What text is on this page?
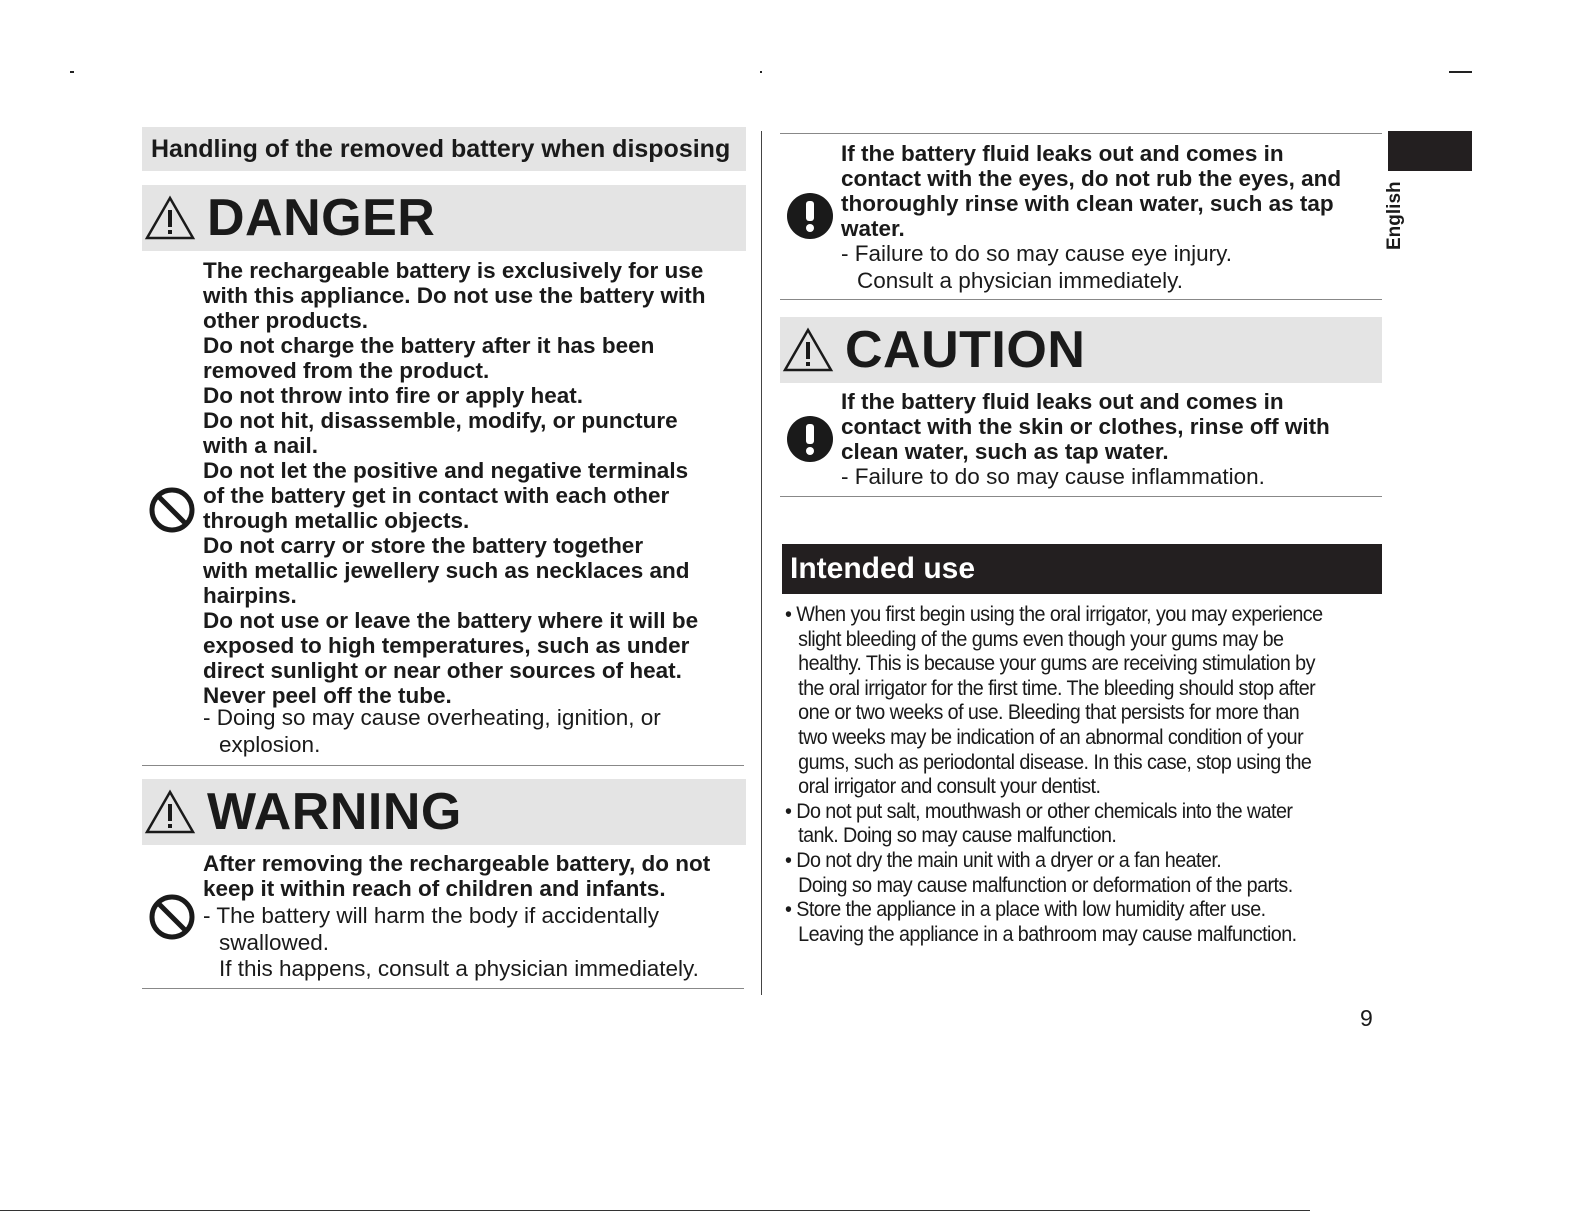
Handling of the removed battery when disposing
DANGER
The rechargeable battery is exclusively for use
with this appliance. Do not use the battery with
other products.
Do not charge the battery after it has been
removed from the product.
Do not throw into fire or apply heat.
Do not hit, disassemble, modify, or puncture
with a nail.
Do not let the positive and negative terminals
of the battery get in contact with each other
through metallic objects.
Do not carry or store the battery together
with metallic jewellery such as necklaces and
hairpins.
Do not use or leave the battery where it will be
exposed to high temperatures, such as under
direct sunlight or near other sources of heat.
Never peel off the tube.
- Doing so may cause overheating, ignition, or
explosion.
WARNING
After removing the rechargeable battery, do not
keep it within reach of children and infants.
- The battery will harm the body if accidentally
swallowed.
If this happens, consult a physician immediately.
If the battery fluid leaks out and comes in
contact with the eyes, do not rub the eyes, and
thoroughly rinse with clean water, such as tap
water.
- Failure to do so may cause eye injury.
Consult a physician immediately.
CAUTION
If the battery fluid leaks out and comes in
contact with the skin or clothes, rinse off with
clean water, such as tap water.
- Failure to do so may cause inflammation.
Intended use
• When you first begin using the oral irrigator, you may experience
slight bleeding of the gums even though your gums may be
healthy. This is because your gums are receiving stimulation by
the oral irrigator for the first time. The bleeding should stop after
one or two weeks of use. Bleeding that persists for more than
two weeks may be indication of an abnormal condition of your
gums, such as periodontal disease. In this case, stop using the
oral irrigator and consult your dentist.
• Do not put salt, mouthwash or other chemicals into the water
tank. Doing so may cause malfunction.
• Do not dry the main unit with a dryer or a fan heater.
Doing so may cause malfunction or deformation of the parts.
• Store the appliance in a place with low humidity after use.
Leaving the appliance in a bathroom may cause malfunction.
English
9
